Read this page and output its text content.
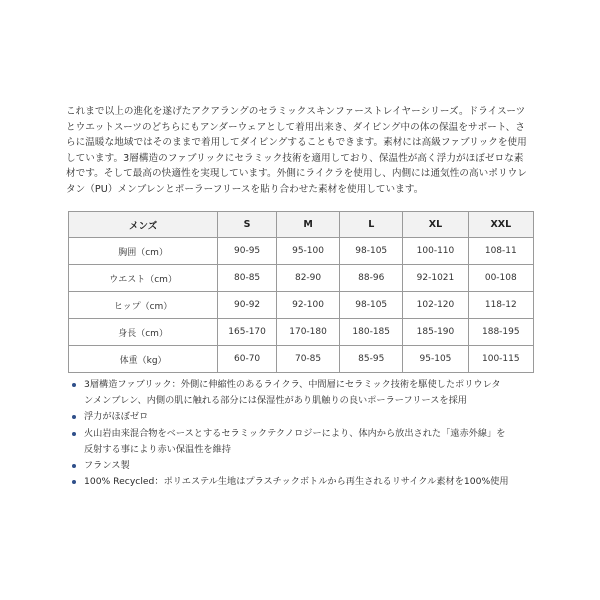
これまで以上の進化を遂げたアクアラングのセラミックスキンファーストレイヤーシリーズ。ドライスーツ
とウエットスーツのどちらにもアンダーウェアとして着用出来き、ダイビング中の体の保温をサポート、さ
らに温暖な地域ではそのままで着用してダイビングすることもできます。素材には高級ファブリックを使用
しています。3層構造のファブリックにセラミック技術を適用しており、保温性が高く浮力がほぼゼロな素
材です。そして最高の快適性を実現しています。外側にライクラを使用し、内側には通気性の高いポリウレ
タン（PU）メンブレンとポーラーフリースを貼り合わせた素材を使用しています。
メンズ	S	M	L	XL	XXL
胸囲（cm）	90-95	95-100	98-105	100-110	108-11
ウエスト（cm）	80-85	82-90	88-96	92-1021	00-108
ヒップ（cm）	90-92	92-100	98-105	102-120	118-12
身長（cm）	165-170	170-180	180-185	185-190	188-195
体重（kg）	60-70	70-85	85-95	95-105	100-115
3層構造ファブリック：外側に伸縮性のあるライクラ、中間層にセラミック技術を駆使したポリウレタ
ンメンブレン、内側の肌に触れる部分には保湿性があり肌触りの良いポーラーフリースを採用
浮力がほぼゼロ
火山岩由来混合物をベースとするセラミックテクノロジーにより、体内から放出された「遠赤外線」を
反射する事により赤い保温性を維持
フランス製
100% Recycled：ポリエステル生地はプラスチックボトルから再生されるリサイクル素材を100%使用
